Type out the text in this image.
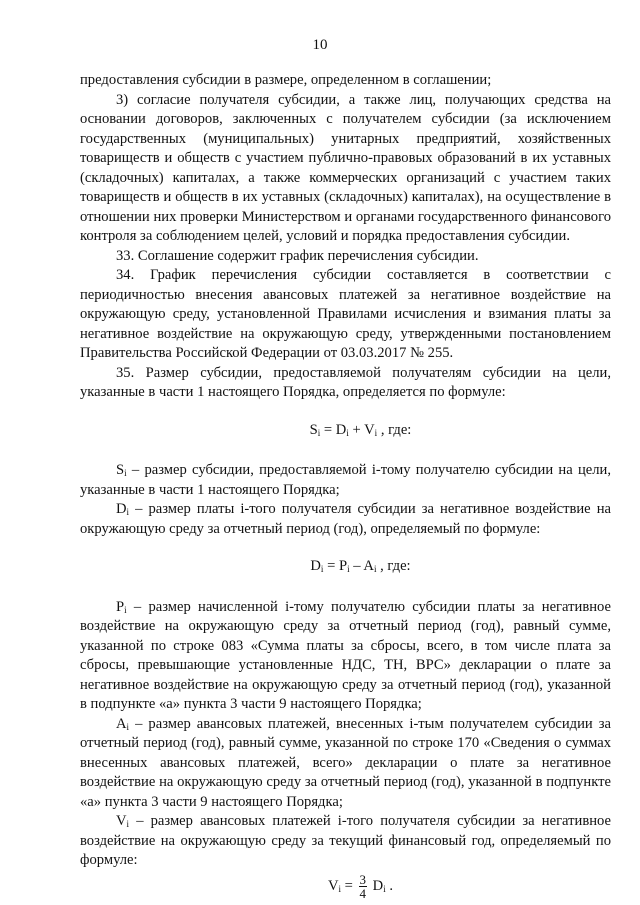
10

предоставления субсидии в размере, определенном в соглашении;

3) согласие получателя субсидии, а также лиц, получающих средства на основании договоров, заключенных с получателем субсидии (за исключением государственных (муниципальных) унитарных предприятий, хозяйственных товариществ и обществ с участием публично-правовых образований в их уставных (складочных) капиталах, а также коммерческих организаций с участием таких товариществ и обществ в их уставных (складочных) капиталах), на осуществление в отношении них проверки Министерством и органами государственного финансового контроля за соблюдением целей, условий и порядка предоставления субсидии.

33. Соглашение содержит график перечисления субсидии.

34. График перечисления субсидии составляется в соответствии с периодичностью внесения авансовых платежей за негативное воздействие на окружающую среду, установленной Правилами исчисления и взимания платы за негативное воздействие на окружающую среду, утвержденными постановлением Правительства Российской Федерации от 03.03.2017 № 255.

35. Размер субсидии, предоставляемой получателям субсидии на цели, указанные в части 1 настоящего Порядка, определяется по формуле:

$S_i = D_i + V_i$ , где:

$S_i$ – размер субсидии, предоставляемой i-тому получателю субсидии на цели, указанные в части 1 настоящего Порядка;

$D_i$ – размер платы i-того получателя субсидии за негативное воздействие на окружающую среду за отчетный период (год), определяемый по формуле:

$D_i = P_i - A_i$ , где:

$P_i$ – размер начисленной i-тому получателю субсидии платы за негативное воздействие на окружающую среду за отчетный период (год), равный сумме, указанной по строке 083 «Сумма платы за сбросы, всего, в том числе плата за сбросы, превышающие установленные НДС, ТН, ВРС» декларации о плате за негативное воздействие на окружающую среду за отчетный период (год), указанной в подпункте «а» пункта 3 части 9 настоящего Порядка;

$A_i$ – размер авансовых платежей, внесенных i-тым получателем субсидии за отчетный период (год), равный сумме, указанной по строке 170 «Сведения о суммах внесенных авансовых платежей, всего» декларации о плате за негативное воздействие на окружающую среду за отчетный период (год), указанной в подпункте «а» пункта 3 части 9 настоящего Порядка;

$V_i$ – размер авансовых платежей i-того получателя субсидии за негативное воздействие на окружающую среду за текущий финансовый год, определяемый по формуле:

$V_i = \frac{3}{4} D_i$ .
